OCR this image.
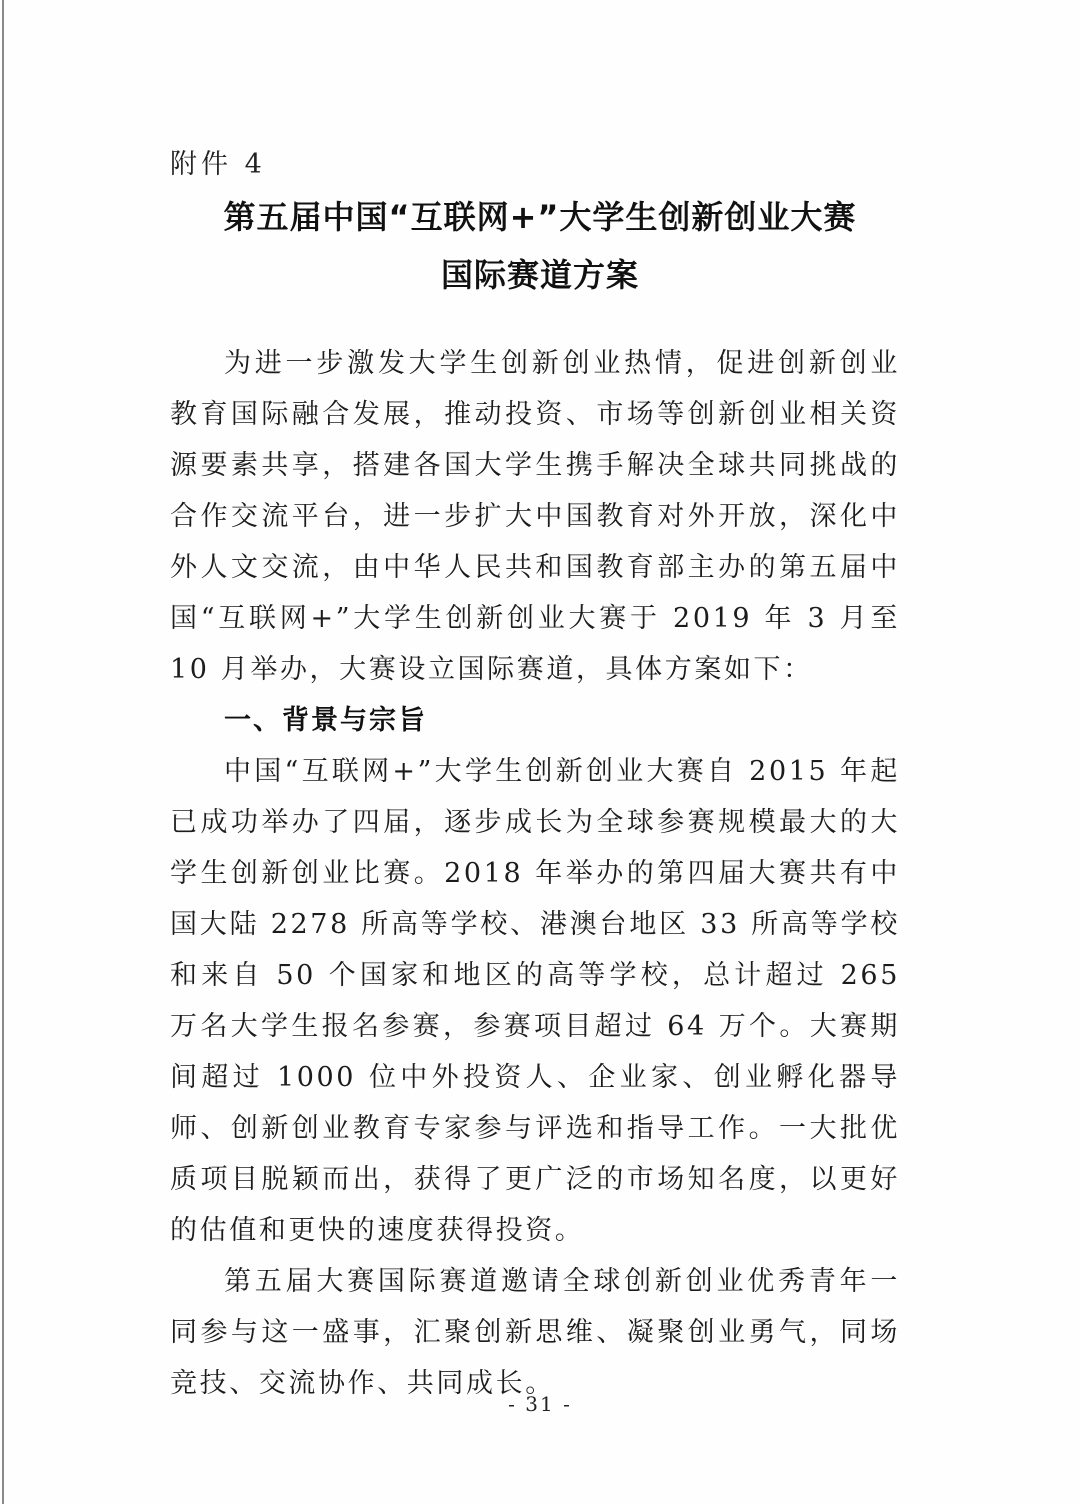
附件 4
第五届中国“互联网+”大学生创新创业大赛
国际赛道方案

为进一步激发大学生创新创业热情，促进创新创业教育国际融合发展，推动投资、市场等创新创业相关资源要素共享，搭建各国大学生携手解决全球共同挑战的合作交流平台，进一步扩大中国教育对外开放，深化中外人文交流，由中华人民共和国教育部主办的第五届中国“互联网+”大学生创新创业大赛于 2019 年 3 月至 10 月举办，大赛设立国际赛道，具体方案如下：

一、背景与宗旨

中国“互联网+”大学生创新创业大赛自 2015 年起已成功举办了四届，逐步成长为全球参赛规模最大的大学生创新创业比赛。2018 年举办的第四届大赛共有中国大陆 2278 所高等学校、港澳台地区 33 所高等学校和来自 50 个国家和地区的高等学校，总计超过 265 万名大学生报名参赛，参赛项目超过 64 万个。大赛期间超过 1000 位中外投资人、企业家、创业孵化器导师、创新创业教育专家参与评选和指导工作。一大批优质项目脱颖而出，获得了更广泛的市场知名度，以更好的估值和更快的速度获得投资。

第五届大赛国际赛道邀请全球创新创业优秀青年一同参与这一盛事，汇聚创新思维、凝聚创业勇气，同场竞技、交流协作、共同成长。

- 31 -
